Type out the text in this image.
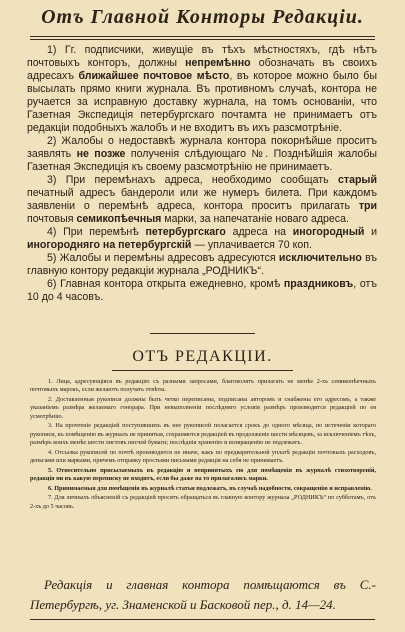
Отъ Главной Конторы Редакціи.

1) Гг. подписчики, живущіе въ тѣхъ мѣстностяхъ, гдѣ нѣтъ почтовыхъ конторъ, должны непремѣнно обозначать въ своихъ адресахъ ближайшее почтовое мѣсто, въ которое можно было бы высылать прямо книги журнала. Въ противномъ случаѣ, контора не ручается за исправную доставку журнала, на томъ основаніи, что Газетная Экспедиція петербургскаго почтамта не принимаетъ отъ редакціи подобныхъ жалобъ и не входитъ въ ихъ разсмотрѣніе.

2) Жалобы о недоставкѣ журнала контора покорнѣйше проситъ заявлять не позже полученія слѣдующаго №. Позднѣйшія жалобы Газетная Экспедиція къ своему разсмотрѣнію не принимаетъ.

3) При перемѣнахъ адреса, необходимо сообщать старый печатный адресъ бандероли или же нумеръ билета. При каждомъ заявленіи о перемѣнѣ адреса, контора проситъ прилагать три почтовыя семикопѣечныя марки, за напечатаніе новаго адреса.

4) При перемѣнѣ петербургскаго адреса на иногородный и иногородняго на петербургскій — уплачивается 70 коп.

5) Жалобы и перемѣны адресовъ адресуются исключительно въ главную контору редакціи журнала „РОДНИКЪ“.

6) Главная контора открыта ежедневно, кромѣ праздниковъ, отъ 10 до 4 часовъ.

ОТЪ РЕДАКЦІИ.

1. Лица, адресующіяся въ редакцію съ разными запросами, благоволятъ прилагать не менѣе 2-хъ семикопѣечныхъ почтовыхъ марокъ, если желаютъ получать отвѣты.

2. Доставленныя рукописи должны быть четко переписаны, подписаны авторомъ и снабжены его адресомъ, а также указаніемъ размѣра желаемаго гонорара. При невыполненіи послѣдняго условія размѣръ производится редакціей по ея усмотрѣнію.

3. На прочтеніе редакціей поступившихъ въ нее рукописей полагается срокъ до одного мѣсяца, по истеченіи котораго рукописи, къ помѣщенію въ журналъ не принятыя, сохраняются редакціей въ продолженіе шести мѣсяцевъ, за исключеніемъ тѣхъ, размѣръ коихъ менѣе шести листовъ писчей бумаги; послѣднія храненію и возвращенію не подлежатъ.

4. Отсылка рукописей по почтѣ производится не иначе, какъ по предварительной уплатѣ редакціи почтовыхъ расходовъ, деньгами или марками, причемъ отправку простыми письмами редакція на себя не принимаетъ.

5. Относительно присылаемыхъ въ редакцію и непринятыхъ ею для помѣщенія въ журналѣ стихотвореній, редакція ни въ какую переписку не входитъ, если бы даже на то прилагались марки.

6. Принимаемыя для помѣщенія въ журналѣ статьи подлежатъ, въ случаѣ надобности, сокращенію и исправленію.

7. Для личныхъ объясненій съ редакціей просятъ обращаться въ главную контору журнала „РОДНИКЪ“ по субботамъ, отъ 2-хъ до 5 часовъ.

Редакція и главная контора помѣщаются въ С.-Петербургѣ, уг. Знаменской и Басковой пер., д. 14—24.
